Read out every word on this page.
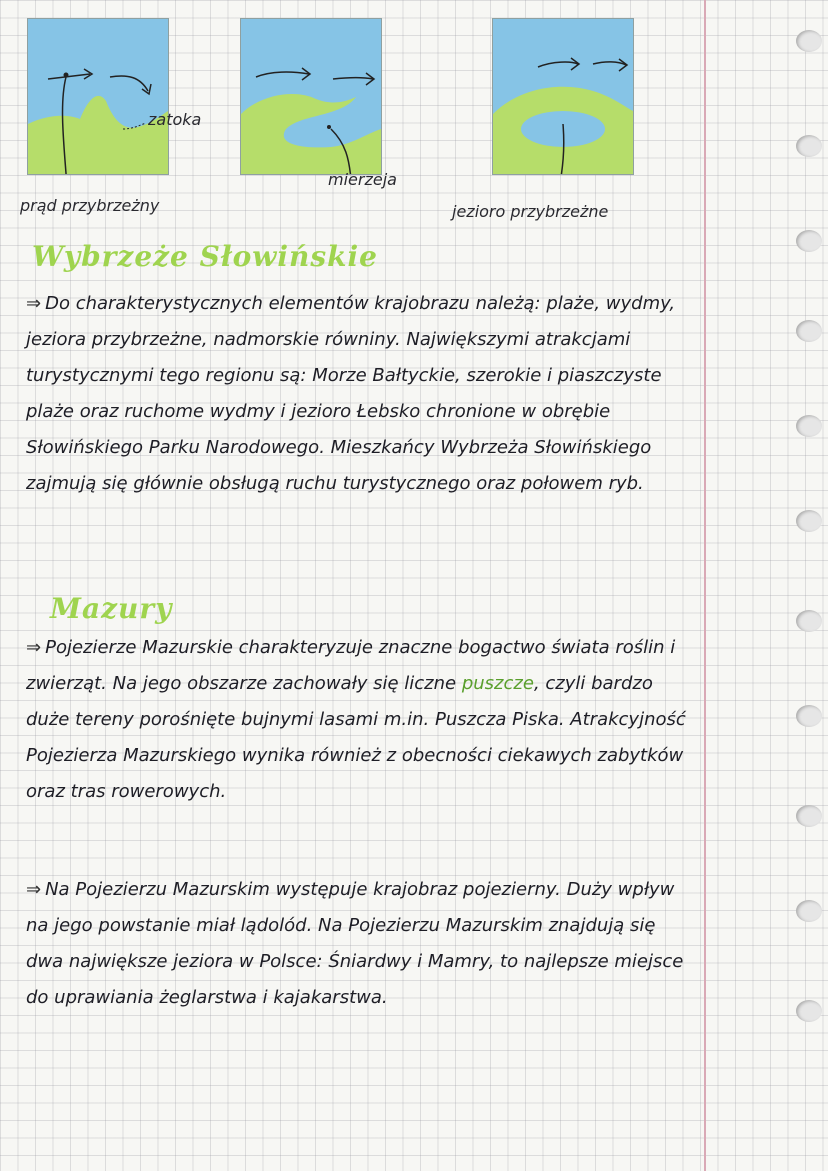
zatoka
prąd przybrzeżny
mierzeja
jezioro przybrzeżne
Wybrzeże Słowińskie
⇒ Do charakterystycznych elementów krajobrazu należą: plaże, wydmy, jeziora przybrzeżne, nadmorskie równiny. Największymi atrakcjami turystycznymi tego regionu są: Morze Bałtyckie, szerokie i piaszczyste plaże oraz ruchome wydmy i jezioro Łebsko chronione w obrębie Słowińskiego Parku Narodowego. Mieszkańcy Wybrzeża Słowińskiego zajmują się głównie obsługą ruchu turystycznego oraz połowem ryb.
Mazury
⇒ Pojezierze Mazurskie charakteryzuje znaczne bogactwo świata roślin i zwierząt. Na jego obszarze zachowały się liczne puszcze, czyli bardzo duże tereny porośnięte bujnymi lasami m.in. Puszcza Piska. Atrakcyjność Pojezierza Mazurskiego wynika również z obecności ciekawych zabytków oraz tras rowerowych.
⇒ Na Pojezierzu Mazurskim występuje krajobraz pojezierny. Duży wpływ na jego powstanie miał lądolód. Na Pojezierzu Mazurskim znajdują się dwa największe jeziora w Polsce: Śniardwy i Mamry, to najlepsze miejsce do uprawiania żeglarstwa i kajakarstwa.
